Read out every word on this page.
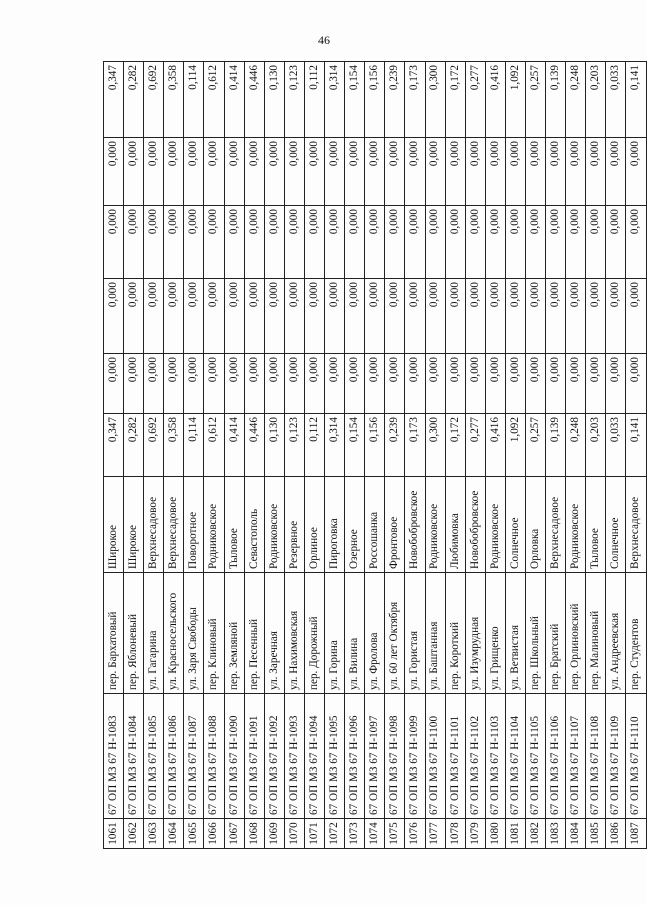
46
1061	67 ОП МЗ 67 Н-1083	пер. Бархатовый	Широкое	0,347	0,000	0,000	0,000	0,000	0,347
1062	67 ОП МЗ 67 Н-1084	пер. Яблоневый	Широкое	0,282	0,000	0,000	0,000	0,000	0,282
1063	67 ОП МЗ 67 Н-1085	ул. Гагарина	Верхнесадовое	0,692	0,000	0,000	0,000	0,000	0,692
1064	67 ОП МЗ 67 Н-1086	ул. Красносельского	Верхнесадовое	0,358	0,000	0,000	0,000	0,000	0,358
1065	67 ОП МЗ 67 Н-1087	ул. Заря Свободы	Поворотное	0,114	0,000	0,000	0,000	0,000	0,114
1066	67 ОП МЗ 67 Н-1088	пер. Клиновый	Родниковское	0,612	0,000	0,000	0,000	0,000	0,612
1067	67 ОП МЗ 67 Н-1090	пер. Земляной	Тыловое	0,414	0,000	0,000	0,000	0,000	0,414
1068	67 ОП МЗ 67 Н-1091	пер. Песенный	Севастополь	0,446	0,000	0,000	0,000	0,000	0,446
1069	67 ОП МЗ 67 Н-1092	ул. Заречная	Родниковское	0,130	0,000	0,000	0,000	0,000	0,130
1070	67 ОП МЗ 67 Н-1093	ул. Нахимовская	Резервное	0,123	0,000	0,000	0,000	0,000	0,123
1071	67 ОП МЗ 67 Н-1094	пер. Дорожный	Орлиное	0,112	0,000	0,000	0,000	0,000	0,112
1072	67 ОП МЗ 67 Н-1095	ул. Горина	Пироговка	0,314	0,000	0,000	0,000	0,000	0,314
1073	67 ОП МЗ 67 Н-1096	ул. Вилина	Озерное	0,154	0,000	0,000	0,000	0,000	0,154
1074	67 ОП МЗ 67 Н-1097	ул. Фролова	Россошанка	0,156	0,000	0,000	0,000	0,000	0,156
1075	67 ОП МЗ 67 Н-1098	ул. 60 лет Октября	Фронтовое	0,239	0,000	0,000	0,000	0,000	0,239
1076	67 ОП МЗ 67 Н-1099	ул. Гористая	Новобобровское	0,173	0,000	0,000	0,000	0,000	0,173
1077	67 ОП МЗ 67 Н-1100	ул. Баштанная	Родниковское	0,300	0,000	0,000	0,000	0,000	0,300
1078	67 ОП МЗ 67 Н-1101	пер. Короткий	Любимовка	0,172	0,000	0,000	0,000	0,000	0,172
1079	67 ОП МЗ 67 Н-1102	ул. Изумрудная	Новобобровское	0,277	0,000	0,000	0,000	0,000	0,277
1080	67 ОП МЗ 67 Н-1103	ул. Грищенко	Родниковское	0,416	0,000	0,000	0,000	0,000	0,416
1081	67 ОП МЗ 67 Н-1104	ул. Ветвистая	Солнечное	1,092	0,000	0,000	0,000	0,000	1,092
1082	67 ОП МЗ 67 Н-1105	пер. Школьный	Орловка	0,257	0,000	0,000	0,000	0,000	0,257
1083	67 ОП МЗ 67 Н-1106	пер. Братский	Верхнесадовое	0,139	0,000	0,000	0,000	0,000	0,139
1084	67 ОП МЗ 67 Н-1107	пер. Орлиновский	Родниковское	0,248	0,000	0,000	0,000	0,000	0,248
1085	67 ОП МЗ 67 Н-1108	пер. Малиновый	Тыловое	0,203	0,000	0,000	0,000	0,000	0,203
1086	67 ОП МЗ 67 Н-1109	ул. Андреевская	Солнечное	0,033	0,000	0,000	0,000	0,000	0,033
1087	67 ОП МЗ 67 Н-1110	пер. Студентов	Верхнесадовое	0,141	0,000	0,000	0,000	0,000	0,141
